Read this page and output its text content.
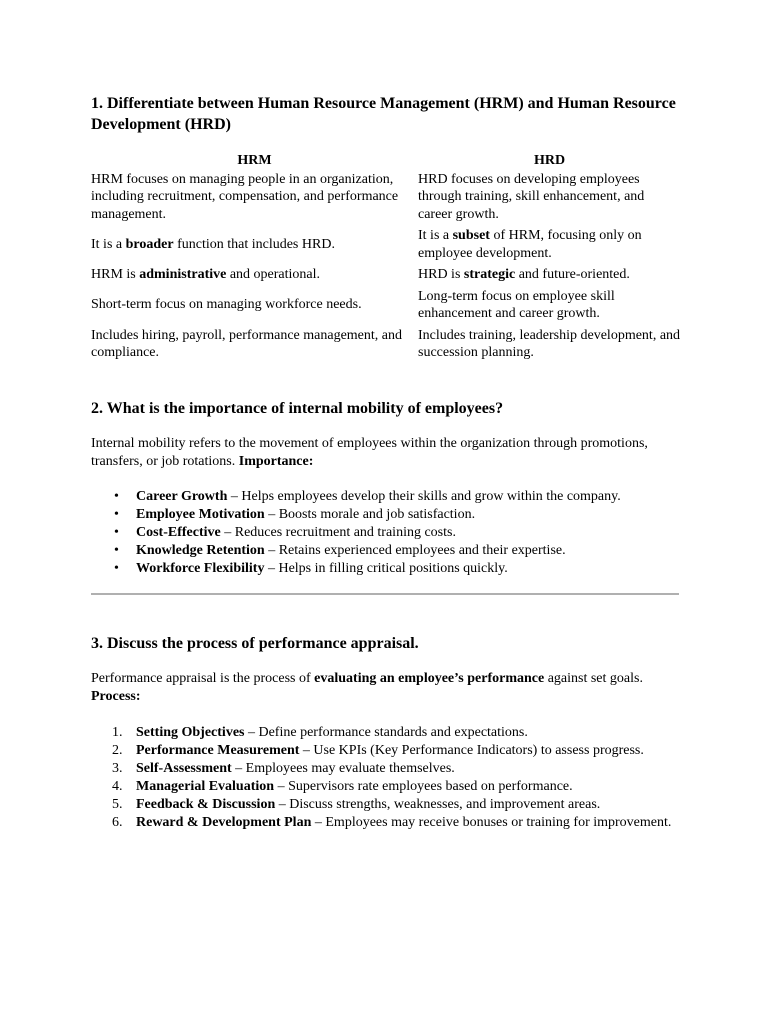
1. Differentiate between Human Resource Management (HRM) and Human Resource Development (HRD)
HRM	HRD
HRM focuses on managing people in an organization, including recruitment, compensation, and performance management.	HRD focuses on developing employees through training, skill enhancement, and career growth.
It is a broader function that includes HRD.	It is a subset of HRM, focusing only on employee development.
HRM is administrative and operational.	HRD is strategic and future-oriented.
Short-term focus on managing workforce needs.	Long-term focus on employee skill enhancement and career growth.
Includes hiring, payroll, performance management, and compliance.	Includes training, leadership development, and succession planning.
2. What is the importance of internal mobility of employees?

Internal mobility refers to the movement of employees within the organization through promotions, transfers, or job rotations. Importance:

• Career Growth – Helps employees develop their skills and grow within the company.
• Employee Motivation – Boosts morale and job satisfaction.
• Cost-Effective – Reduces recruitment and training costs.
• Knowledge Retention – Retains experienced employees and their expertise.
• Workforce Flexibility – Helps in filling critical positions quickly.
3. Discuss the process of performance appraisal.

Performance appraisal is the process of evaluating an employee’s performance against set goals. Process:

1. Setting Objectives – Define performance standards and expectations.
2. Performance Measurement – Use KPIs (Key Performance Indicators) to assess progress.
3. Self-Assessment – Employees may evaluate themselves.
4. Managerial Evaluation – Supervisors rate employees based on performance.
5. Feedback & Discussion – Discuss strengths, weaknesses, and improvement areas.
6. Reward & Development Plan – Employees may receive bonuses or training for improvement.
